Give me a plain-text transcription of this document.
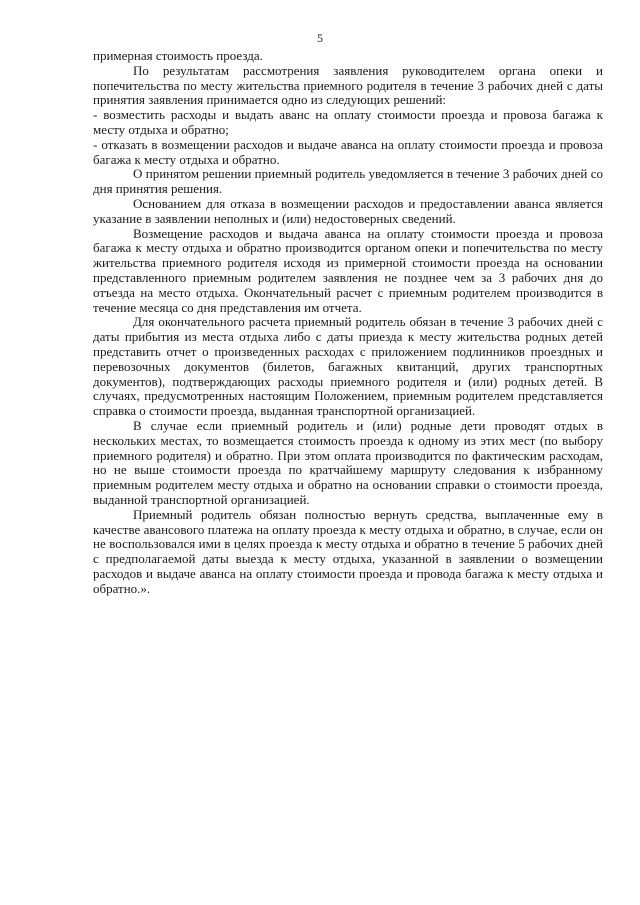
5

примерная стоимость проезда.

По результатам рассмотрения заявления руководителем органа опеки и попечительства по месту жительства приемного родителя в течение 3 рабочих дней с даты принятия заявления принимается одно из следующих решений:

- возместить расходы и выдать аванс на оплату стоимости проезда и провоза багажа к месту отдыха и обратно;

- отказать в возмещении расходов и выдаче аванса на оплату стоимости проезда и провоза багажа к месту отдыха и обратно.

О принятом решении приемный родитель уведомляется в течение 3 рабочих дней со дня принятия решения.

Основанием для отказа в возмещении расходов и предоставлении аванса является указание в заявлении неполных и (или) недостоверных сведений.

Возмещение расходов и выдача аванса на оплату стоимости проезда и провоза багажа к месту отдыха и обратно производится органом опеки и попечительства по месту жительства приемного родителя исходя из примерной стоимости проезда на основании представленного приемным родителем заявления не позднее чем за 3 рабочих дня до отъезда на место отдыха. Окончательный расчет с приемным родителем производится в течение месяца со дня представления им отчета.

Для окончательного расчета приемный родитель обязан в течение 3 рабочих дней с даты прибытия из места отдыха либо с даты приезда к месту жительства родных детей представить отчет о произведенных расходах с приложением подлинников проездных и перевозочных документов (билетов, багажных квитанций, других транспортных документов), подтверждающих расходы приемного родителя и (или) родных детей. В случаях, предусмотренных настоящим Положением, приемным родителем представляется справка о стоимости проезда, выданная транспортной организацией.

В случае если приемный родитель и (или) родные дети проводят отдых в нескольких местах, то возмещается стоимость проезда к одному из этих мест (по выбору приемного родителя) и обратно. При этом оплата производится по фактическим расходам, но не выше стоимости проезда по кратчайшему маршруту следования к избранному приемным родителем месту отдыха и обратно на основании справки о стоимости проезда, выданной транспортной организацией.

Приемный родитель обязан полностью вернуть средства, выплаченные ему в качестве авансового платежа на оплату проезда к месту отдыха и обратно, в случае, если он не воспользовался ими в целях проезда к месту отдыха и обратно в течение 5 рабочих дней с предполагаемой даты выезда к месту отдыха, указанной в заявлении о возмещении расходов и выдаче аванса на оплату стоимости проезда и провода багажа к месту отдыха и обратно.».
